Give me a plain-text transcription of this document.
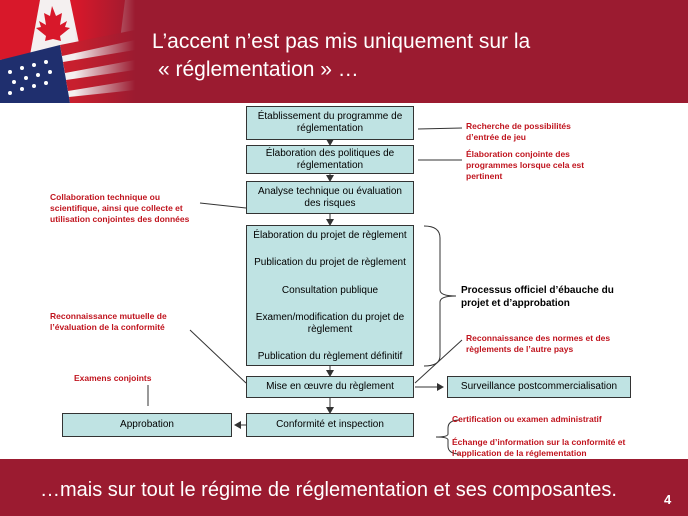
L’accent n’est pas mis uniquement sur la
« réglementation » …
Établissement du programme de réglementation
Élaboration des politiques de réglementation
Analyse technique ou évaluation des risques
Élaboration du projet de règlement
Publication du projet de règlement
Consultation publique
Examen/modification du projet de règlement
Publication du règlement définitif
Mise en œuvre du règlement	Surveillance postcommercialisation
Conformité et inspection
Approbation
Recherche de possibilités d’entrée de jeu
Élaboration conjointe des programmes lorsque cela est pertinent
Collaboration technique ou scientifique, ainsi que collecte et utilisation conjointes des données
Reconnaissance mutuelle de l’évaluation de la conformité
Reconnaissance des normes et des règlements de l’autre pays
Examens conjoints
Certification ou examen administratif
Échange d’information sur la conformité et l’application de la réglementation
Processus officiel d’ébauche du projet et d’approbation
…mais sur tout le régime de réglementation et ses composantes.	4
